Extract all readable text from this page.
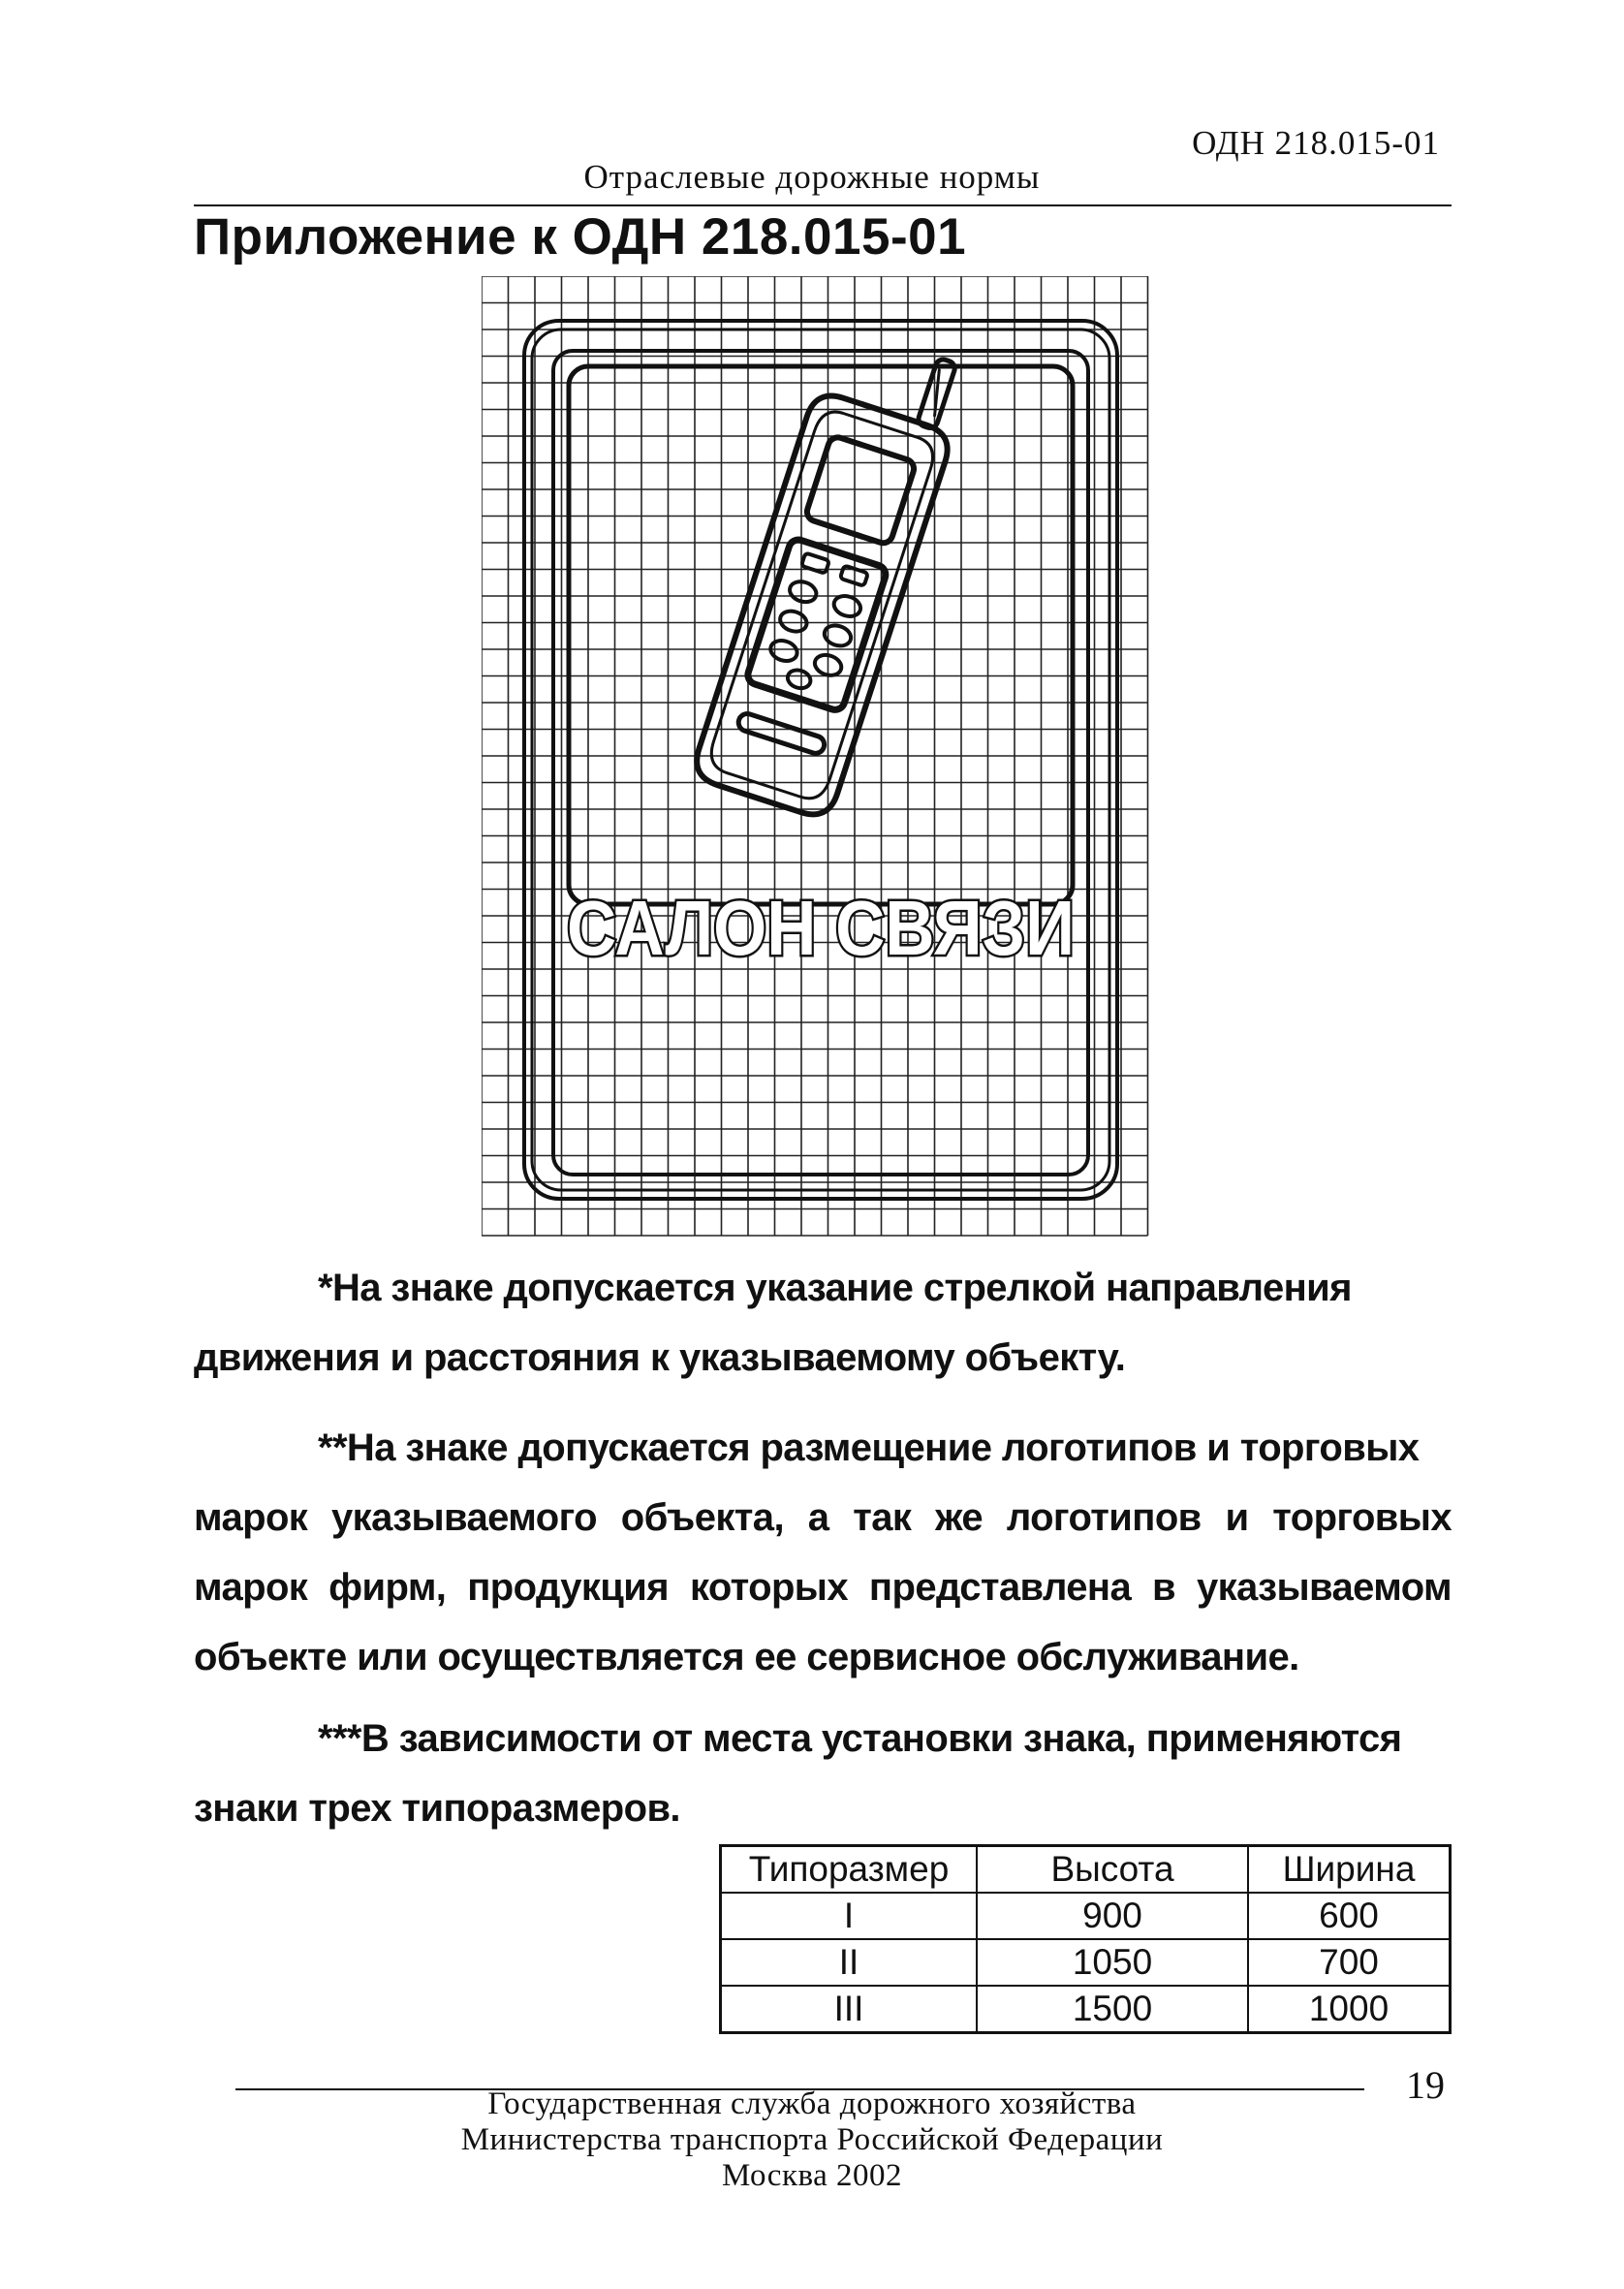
ОДН 218.015-01
Отраслевые дорожные нормы
Приложение к ОДН 218.015-01
САЛОН СВЯЗИ
*На знаке допускается указание стрелкой направления
движения и расстояния к указываемому объекту.
**На знаке допускается размещение логотипов и торговых
марок указываемого объекта, а так же логотипов и торговых марок фирм, продукция которых представлена в указываемом объекте или осуществляется ее сервисное обслуживание.
***В зависимости от места установки знака, применяются
знаки трех типоразмеров.
Типоразмер	Высота	Ширина
I	900	600
II	1050	700
III	1500	1000
19
Государственная служба дорожного хозяйства
Министерства транспорта Российской Федерации
Москва 2002
